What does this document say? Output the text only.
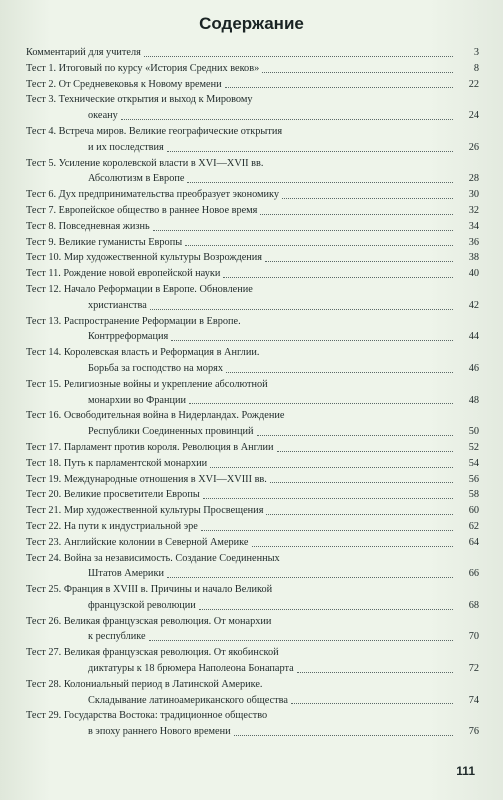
Содержание
Комментарий для учителя	3
Тест 1. Итоговый по курсу «История Средних веков»	8
Тест 2. От Средневековья к Новому времени	22
Тест 3. Технические открытия и выход к Мировому
океану	24
Тест 4. Встреча миров. Великие географические открытия
и их последствия	26
Тест 5. Усиление королевской власти в XVI—XVII вв.
Абсолютизм в Европе	28
Тест 6. Дух предпринимательства преобразует экономику	30
Тест 7. Европейское общество в раннее Новое время	32
Тест 8. Повседневная жизнь	34
Тест 9. Великие гуманисты Европы	36
Тест 10. Мир художественной культуры Возрождения	38
Тест 11. Рождение новой европейской науки	40
Тест 12. Начало Реформации в Европе. Обновление
христианства	42
Тест 13. Распространение Реформации в Европе.
Контрреформация	44
Тест 14. Королевская власть и Реформация в Англии.
Борьба за господство на морях	46
Тест 15. Религиозные войны и укрепление абсолютной
монархии во Франции	48
Тест 16. Освободительная война в Нидерландах. Рождение
Республики Соединенных провинций	50
Тест 17. Парламент против короля. Революция в Англии	52
Тест 18. Путь к парламентской монархии	54
Тест 19. Международные отношения в XVI—XVIII вв.	56
Тест 20. Великие просветители Европы	58
Тест 21. Мир художественной культуры Просвещения	60
Тест 22. На пути к индустриальной эре	62
Тест 23. Английские колонии в Северной Америке	64
Тест 24. Война за независимость. Создание Соединенных
Штатов Америки	66
Тест 25. Франция в XVIII в. Причины и начало Великой
французской революции	68
Тест 26. Великая французская революция. От монархии
к республике	70
Тест 27. Великая французская революция. От якобинской
диктатуры к 18 брюмера Наполеона Бонапарта	72
Тест 28. Колониальный период в Латинской Америке.
Складывание латиноамериканского общества	74
Тест 29. Государства Востока: традиционное общество
в эпоху раннего Нового времени	76
111
